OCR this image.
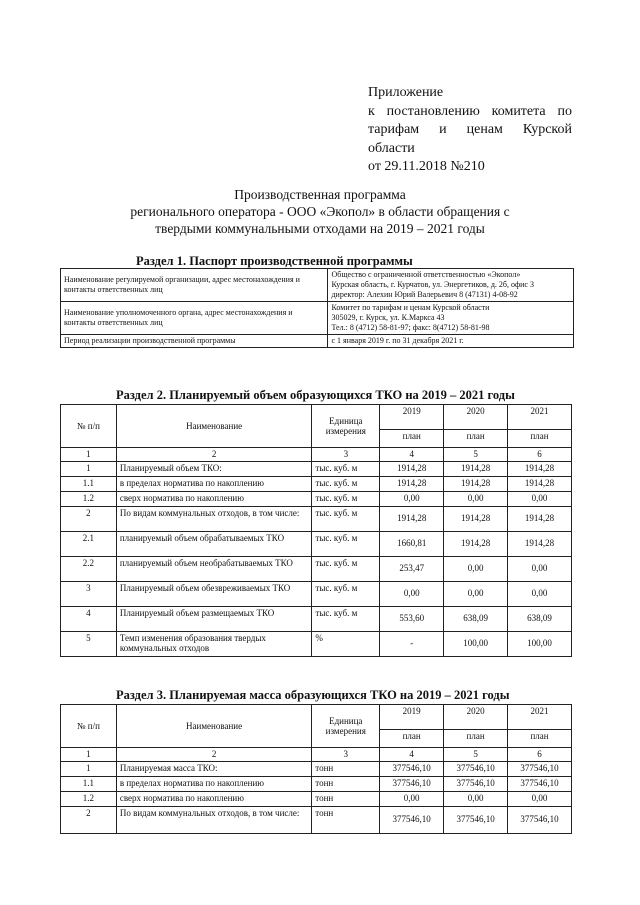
Приложение
к постановлению комитета по
тарифам и ценам Курской
области
от 29.11.2018 №210
Производственная программа
регионального оператора - ООО «Экопол» в области обращения с
твердыми коммунальными отходами на 2019 – 2021 годы
Раздел 1. Паспорт производственной программы
Наименование регулируемой организации, адрес местонахождения и контакты ответственных лиц	Общество с ограниченной ответственностью «Экопол»
Курская область, г. Курчатов, ул. Энергетиков, д. 2б, офис 3
директор: Алехин Юрий Валерьевич 8 (47131) 4-08-92

Наименование уполномоченного органа, адрес местонахождения и контакты ответственных лиц	Комитет по тарифам и ценам Курской области
305029, г. Курск, ул. К.Маркса 43
Тел.: 8 (4712) 58-81-97; факс: 8(4712) 58-81-98

Период реализации производственной программы	с 1 января 2019 г. по 31 декабря 2021 г.
Раздел 2. Планируемый объем образующихся ТКО на 2019 – 2021 годы
№ п/п	Наименование	Единица измерения	2019	2020	2021
			план	план	план
1	2	3	4	5	6
1	Планируемый объем ТКО:	тыс. куб. м	1914,28	1914,28	1914,28
1.1	в пределах норматива по накоплению	тыс. куб. м	1914,28	1914,28	1914,28
1.2	сверх норматива по накоплению	тыс. куб. м	0,00	0,00	0,00
2	По видам коммунальных отходов, в том числе:	тыс. куб. м	1914,28	1914,28	1914,28
2.1	планируемый объем обрабатываемых ТКО	тыс. куб. м	1660,81	1914,28	1914,28
2.2	планируемый объем необрабатываемых ТКО	тыс. куб. м	253,47	0,00	0,00
3	Планируемый объем обезвреживаемых ТКО	тыс. куб. м	0,00	0,00	0,00
4	Планируемый объем размещаемых ТКО	тыс. куб. м	553,60	638,09	638,09
5	Темп изменения образования твердых коммунальных отходов	%	-	100,00	100,00
Раздел 3. Планируемая масса образующихся ТКО на 2019 – 2021 годы
№ п/п	Наименование	Единица измерения	2019	2020	2021
			план	план	план
1	2	3	4	5	6
1	Планируемая масса ТКО:	тонн	377546,10	377546,10	377546,10
1.1	в пределах норматива по накоплению	тонн	377546,10	377546,10	377546,10
1.2	сверх норматива по накоплению	тонн	0,00	0,00	0,00
2	По видам коммунальных отходов, в том числе:	тонн	377546,10	377546,10	377546,10
